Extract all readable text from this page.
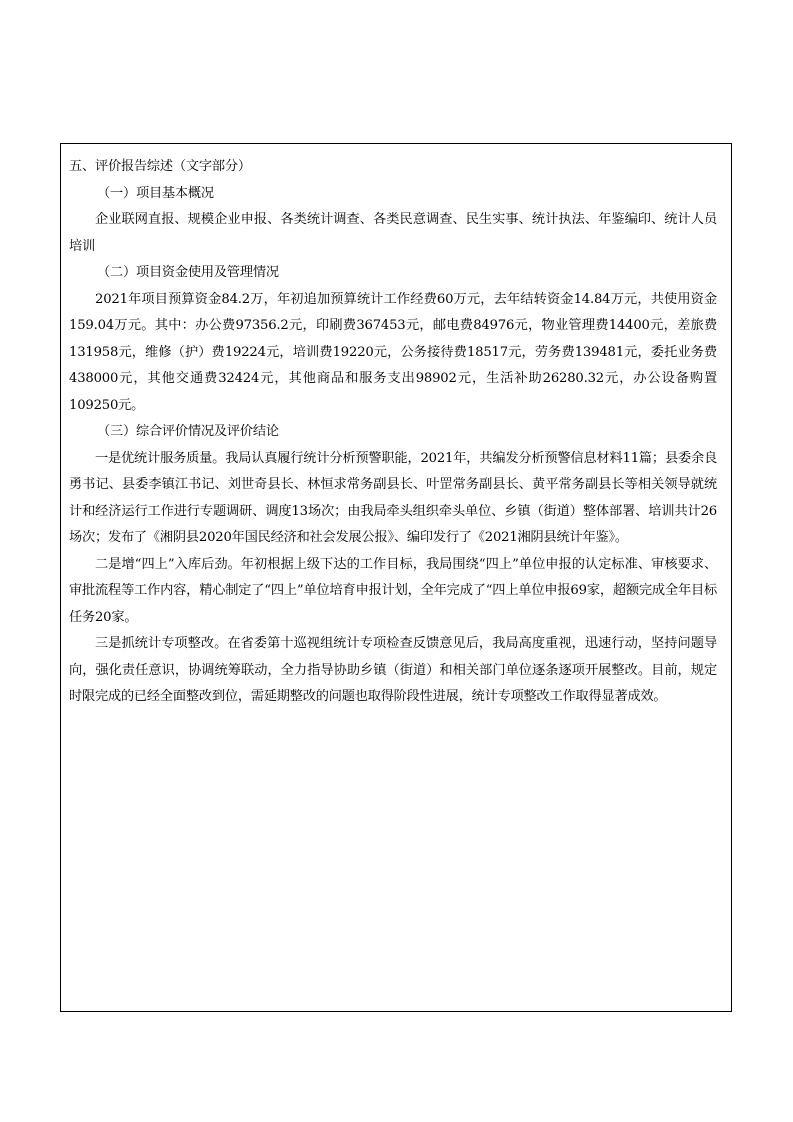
五、评价报告综述（文字部分）

（一）项目基本概况

企业联网直报、规模企业申报、各类统计调查、各类民意调查、民生实事、统计执法、年鉴编印、统计人员培训

（二）项目资金使用及管理情况

2021年项目预算资金84.2万，年初追加预算统计工作经费60万元，去年结转资金14.84万元，共使用资金159.04万元。其中：办公费97356.2元，印刷费367453元，邮电费84976元，物业管理费14400元，差旅费131958元，维修（护）费19224元，培训费19220元，公务接待费18517元，劳务费139481元，委托业务费438000元，其他交通费32424元，其他商品和服务支出98902元，生活补助26280.32元，办公设备购置109250元。

（三）综合评价情况及评价结论

一是优统计服务质量。我局认真履行统计分析预警职能，2021年，共编发分析预警信息材料11篇；县委余良勇书记、县委李镇江书记、刘世奇县长、林恒求常务副县长、叶罡常务副县长、黄平常务副县长等相关领导就统计和经济运行工作进行专题调研、调度13场次；由我局牵头组织牵头单位、乡镇（街道）整体部署、培训共计26场次；发布了《湘阴县2020年国民经济和社会发展公报》、编印发行了《2021湘阴县统计年鉴》。

二是增“四上”入库后劲。年初根据上级下达的工作目标，我局围绕“四上”单位申报的认定标准、审核要求、审批流程等工作内容，精心制定了“四上”单位培育申报计划，全年完成了“四上单位申报69家，超额完成全年目标任务20家。

三是抓统计专项整改。在省委第十巡视组统计专项检查反馈意见后，我局高度重视，迅速行动，坚持问题导向，强化责任意识，协调统筹联动，全力指导协助乡镇（街道）和相关部门单位逐条逐项开展整改。目前，规定时限完成的已经全面整改到位，需延期整改的问题也取得阶段性进展，统计专项整改工作取得显著成效。
